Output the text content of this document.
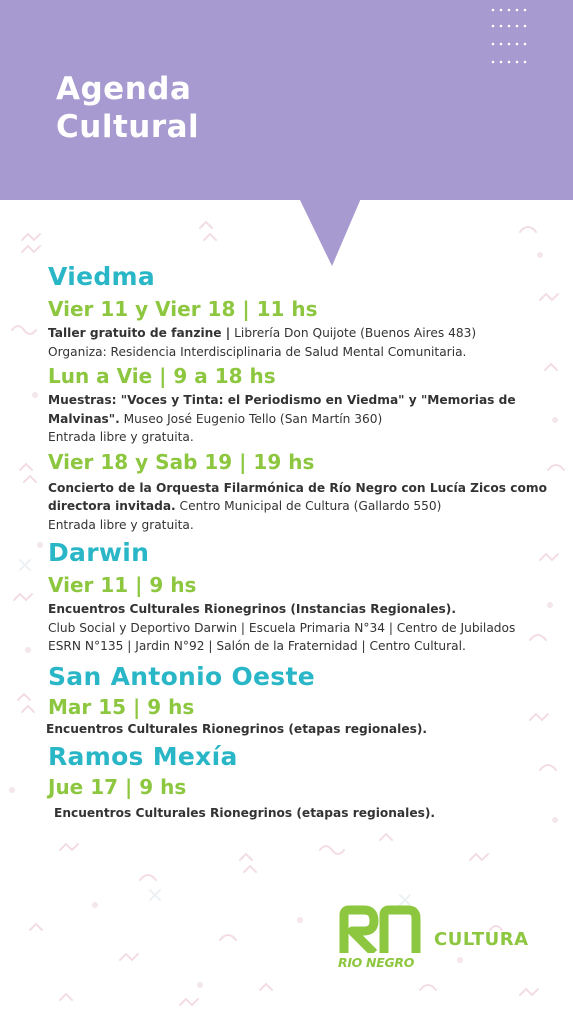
Agenda
Cultural

Viedma

Vier 11 y Vier 18 | 11 hs

Taller gratuito de fanzine | Librería Don Quijote (Buenos Aires 483)
Organiza: Residencia Interdisciplinaria de Salud Mental Comunitaria.

Lun a Vie | 9 a 18 hs

Muestras: "Voces y Tinta: el Periodismo en Viedma" y "Memorias de Malvinas". Museo José Eugenio Tello (San Martín 360)
Entrada libre y gratuita.

Vier 18 y Sab 19 | 19 hs

Concierto de la Orquesta Filarmónica de Río Negro con Lucía Zicos como directora invitada. Centro Municipal de Cultura (Gallardo 550)
Entrada libre y gratuita.

Darwin

Vier 11 | 9 hs

Encuentros Culturales Rionegrinos (Instancias Regionales).
Club Social y Deportivo Darwin | Escuela Primaria N°34 | Centro de Jubilados
ESRN N°135 | Jardin N°92 | Salón de la Fraternidad | Centro Cultural.

San Antonio Oeste

Mar 15 | 9 hs

Encuentros Culturales Rionegrinos (etapas regionales).

Ramos Mexía

Jue 17 | 9 hs

Encuentros Culturales Rionegrinos (etapas regionales).

RIO NEGRO
CULTURA
